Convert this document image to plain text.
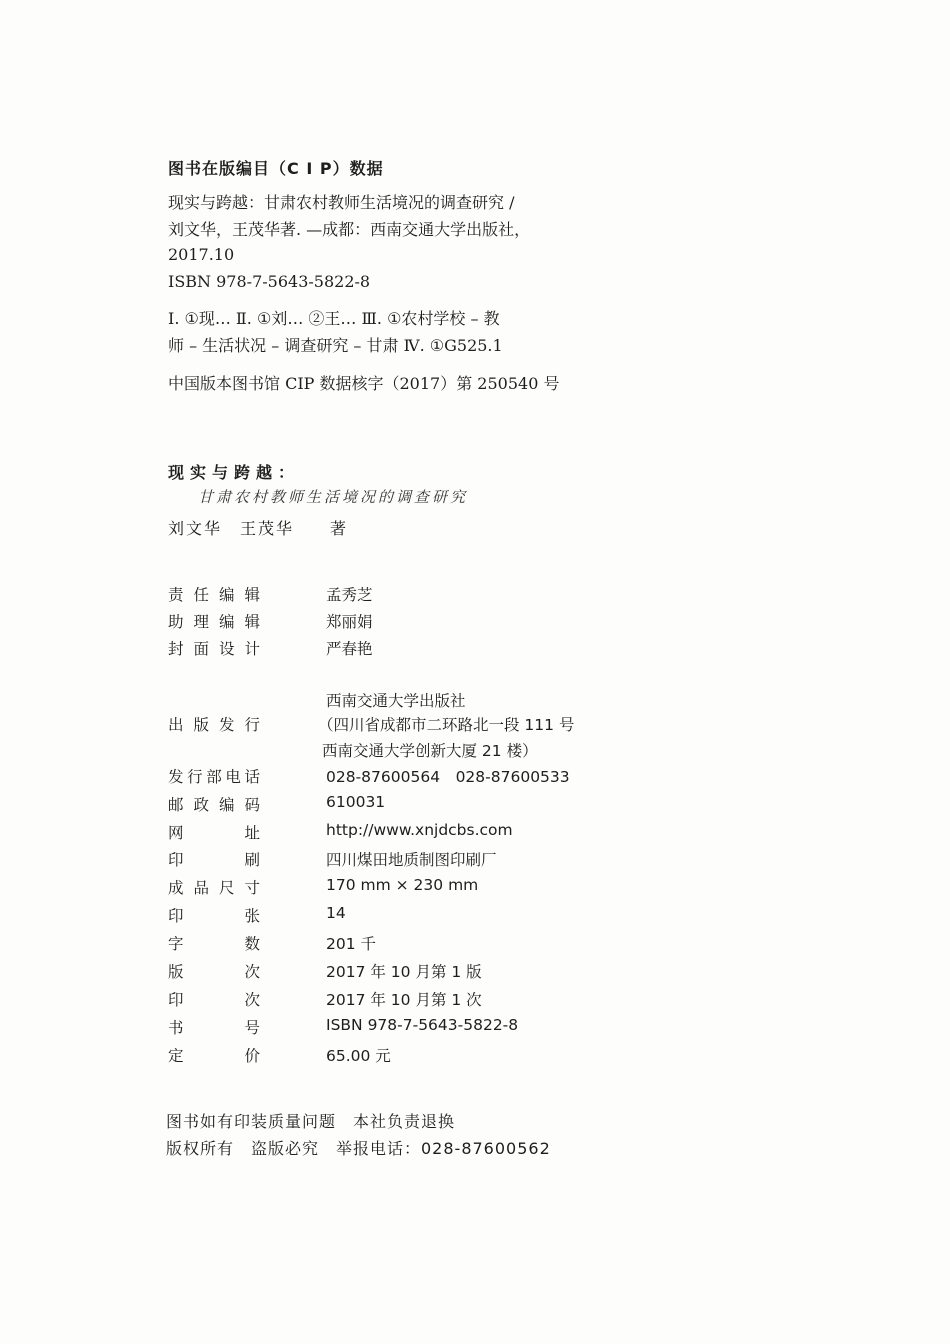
图书在版编目（C I P）数据
现实与跨越：甘肃农村教师生活境况的调查研究 /
刘文华，王茂华著. —成都：西南交通大学出版社，
2017.10
ISBN 978-7-5643-5822-8
Ⅰ. ①现… Ⅱ. ①刘… ②王… Ⅲ. ①农村学校 – 教
师 – 生活状况 – 调查研究 – 甘肃 Ⅳ. ①G525.1
中国版本图书馆 CIP 数据核字（2017）第 250540 号
现实与跨越：
甘肃农村教师生活境况的调查研究
刘文华　王茂华　　著
责 任 编 辑	孟秀芝
助 理 编 辑	郑丽娟
封 面 设 计	严春艳
西南交通大学出版社
出 版 发 行	（四川省成都市二环路北一段 111 号
西南交通大学创新大厦 21 楼）
发 行 部 电 话	028-87600564　028-87600533
邮 政 编 码	610031
网	址	http://www.xnjdcbs.com
印	刷	四川煤田地质制图印刷厂
成 品 尺 寸	170 mm × 230 mm
印	张	14
字	数	201 千
版	次	2017 年 10 月第 1 版
印	次	2017 年 10 月第 1 次
书	号	ISBN 978-7-5643-5822-8
定	价	65.00 元
图书如有印装质量问题　本社负责退换
版权所有　盗版必究　举报电话：028-87600562
